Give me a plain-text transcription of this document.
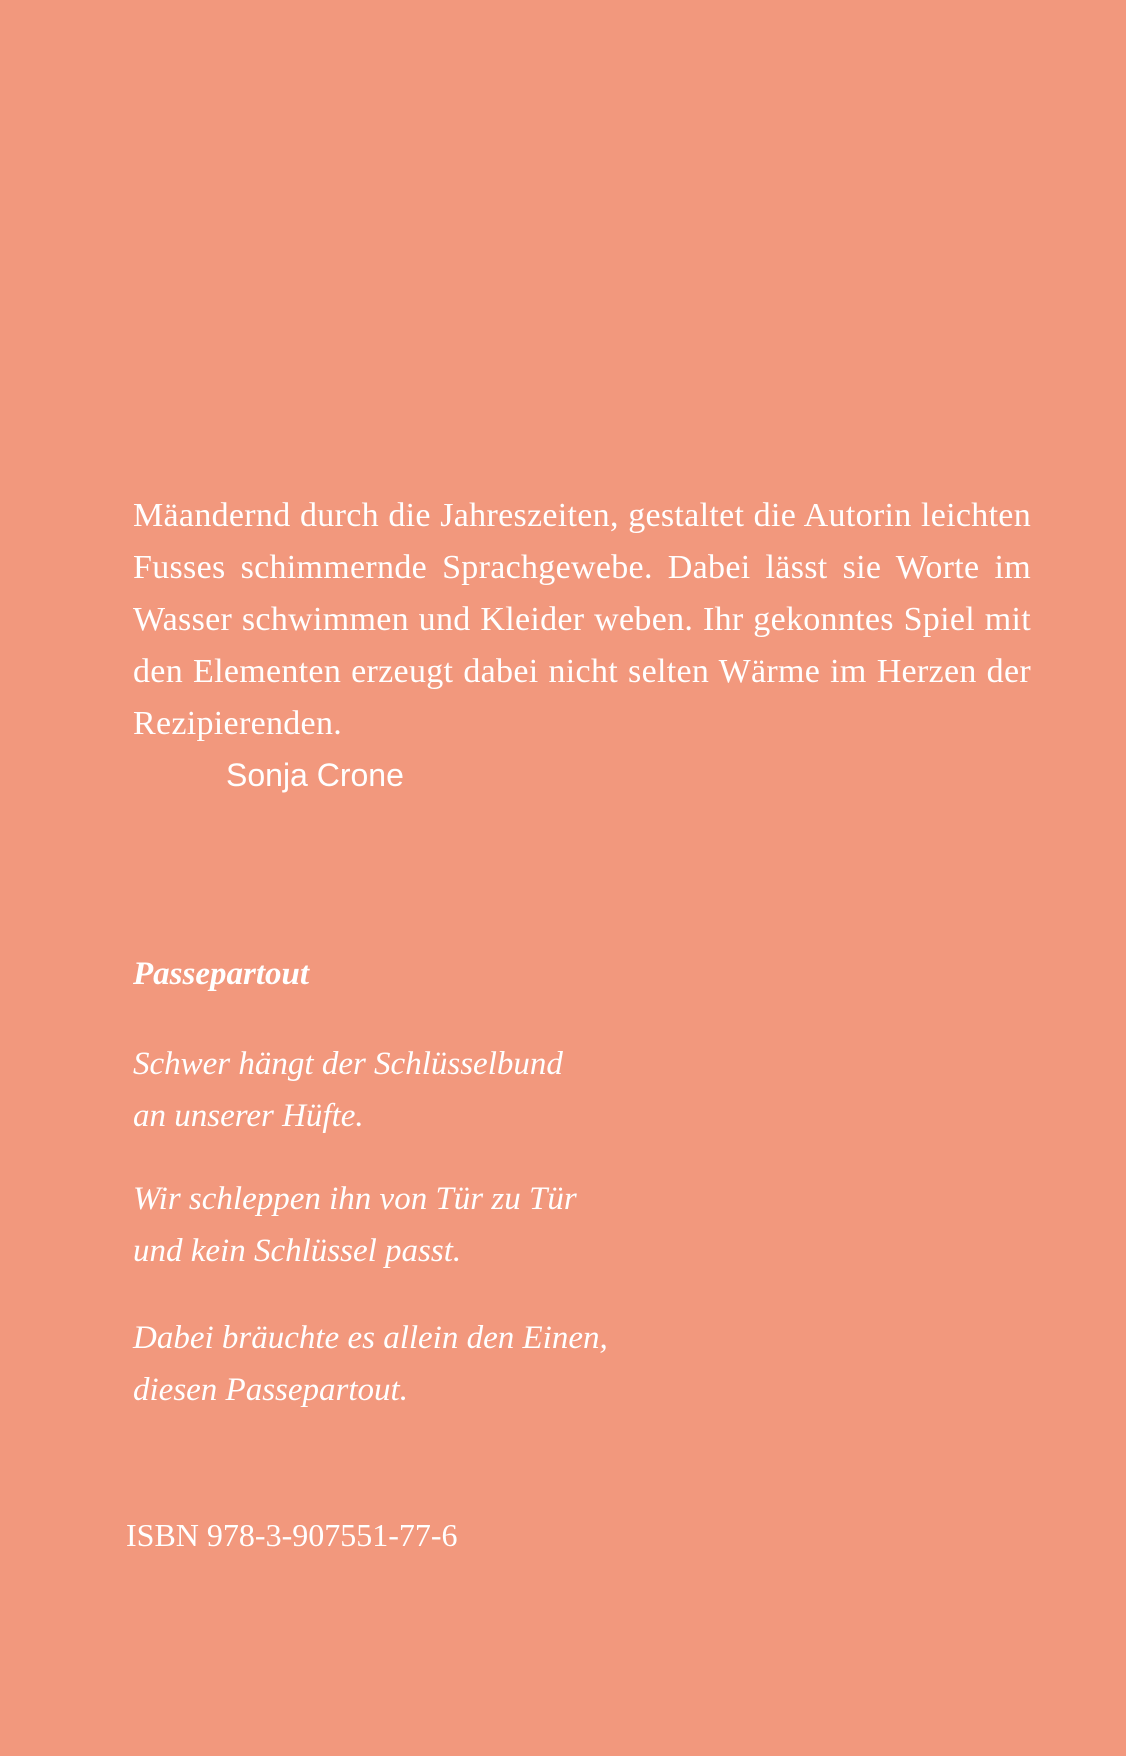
Mäandernd durch die Jahreszeiten, gestaltet die Autorin leichten Fusses schimmernde Sprachgewebe. Dabei lässt sie Worte im Wasser schwimmen und Kleider weben. Ihr gekonntes Spiel mit den Elementen erzeugt dabei nicht selten Wärme im Herzen der Rezipierenden.

Sonja Crone

Passepartout
Schwer hängt der Schlüsselbund
an unserer Hüfte.
Wir schleppen ihn von Tür zu Tür
und kein Schlüssel passt.
Dabei bräuchte es allein den Einen,
diesen Passepartout.

ISBN 978-3-907551-77-6
